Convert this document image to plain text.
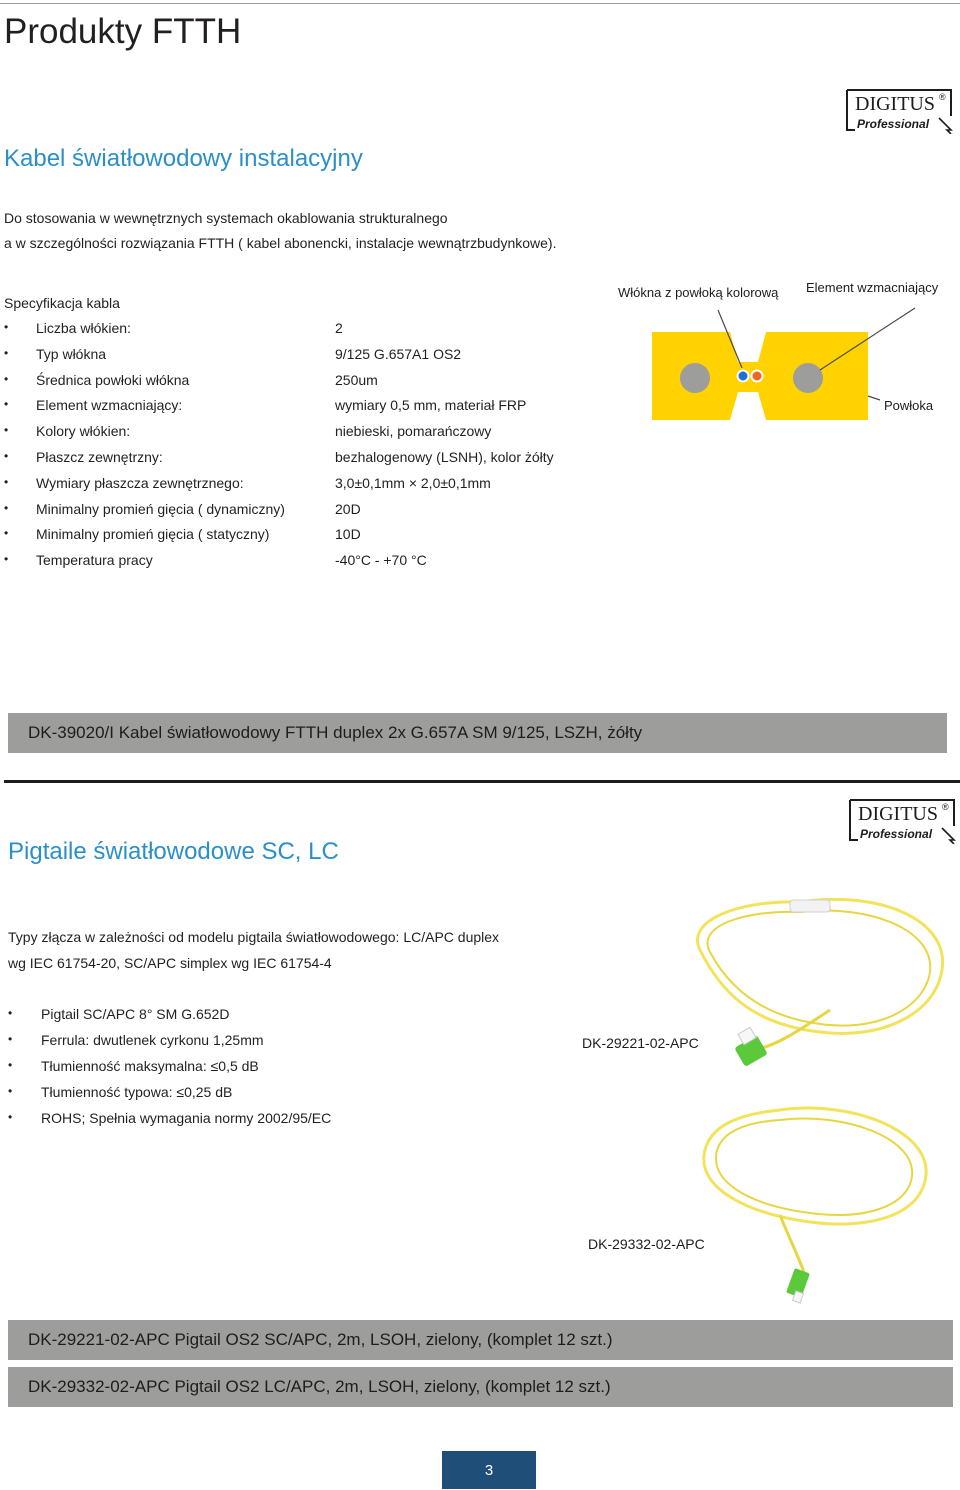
Produkty FTTH
DIGITUS ®
Professional
Kabel światłowodowy instalacyjny
Do stosowania w wewnętrznych systemach okablowania strukturalnego
a w szczególności rozwiązania FTTH ( kabel abonencki, instalacje wewnątrzbudynkowe).
Specyfikacja kabla
• Liczba włókien:	2
• Typ włókna	9/125 G.657A1 OS2
• Średnica powłoki włókna	250um
• Element wzmacniający:	wymiary 0,5 mm, materiał FRP
• Kolory włókien:	niebieski, pomarańczowy
• Płaszcz zewnętrzny:	bezhalogenowy (LSNH), kolor żółty
• Wymiary płaszcza zewnętrznego:	3,0±0,1mm × 2,0±0,1mm
• Minimalny promień gięcia ( dynamiczny)	20D
• Minimalny promień gięcia ( statyczny)	10D
• Temperatura pracy	-40°C - +70 °C
Włókna z powłoką kolorową Element wzmacniający
Powłoka
DK-39020/I Kabel światłowodowy FTTH duplex 2x G.657A SM 9/125, LSZH, żółty
DIGITUS ®
Professional
Pigtaile światłowodowe SC, LC
Typy złącza w zależności od modelu pigtaila światłowodowego: LC/APC duplex
wg IEC 61754-20, SC/APC simplex wg IEC 61754-4
• Pigtail SC/APC 8° SM G.652D
• Ferrula: dwutlenek cyrkonu 1,25mm
• Tłumienność maksymalna: ≤0,5 dB
• Tłumienność typowa: ≤0,25 dB
• ROHS; Spełnia wymagania normy 2002/95/EC
DK-29221-02-APC
DK-29332-02-APC
DK-29221-02-APC Pigtail OS2 SC/APC, 2m, LSOH, zielony, (komplet 12 szt.)
DK-29332-02-APC Pigtail OS2 LC/APC, 2m, LSOH, zielony, (komplet 12 szt.)
3
